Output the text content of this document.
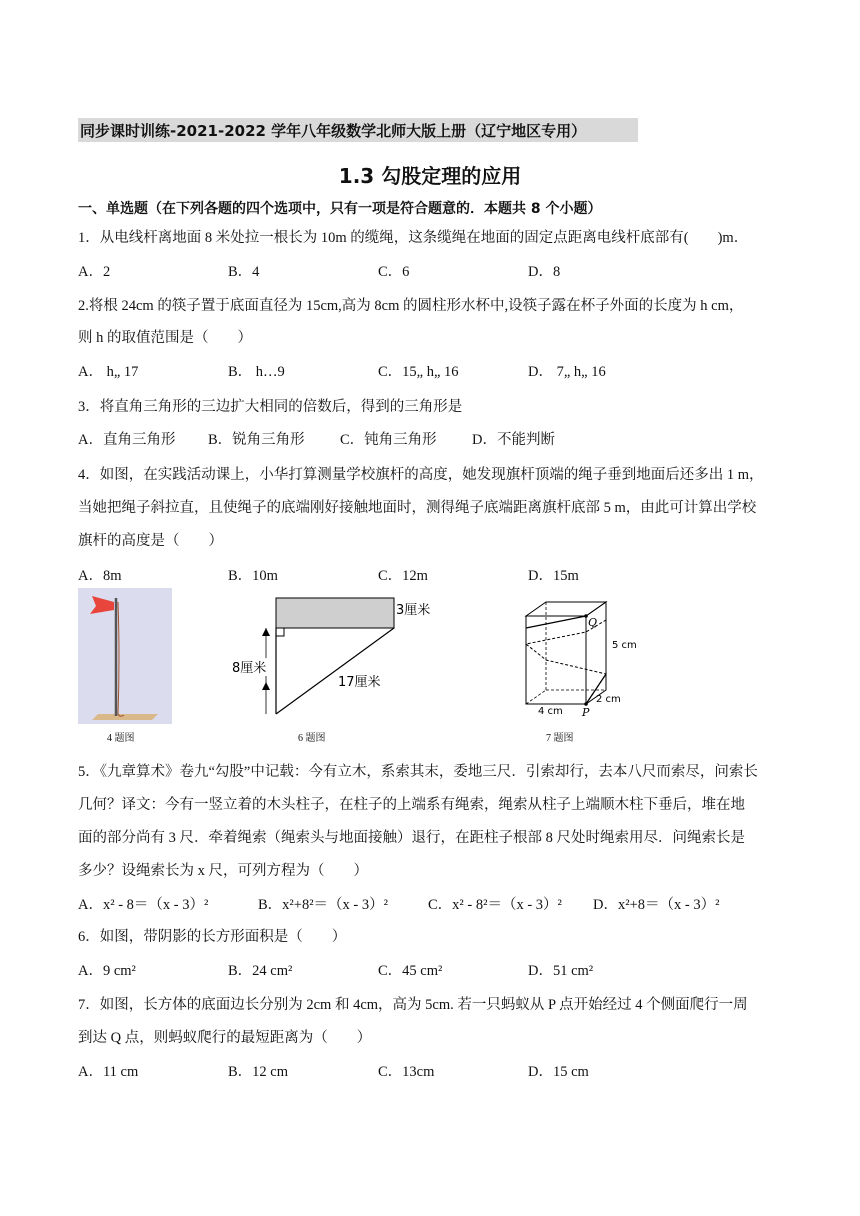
同步课时训练-2021-2022 学年八年级数学北师大版上册（辽宁地区专用）
1.3 勾股定理的应用
一、单选题（在下列各题的四个选项中，只有一项是符合题意的．本题共 8 个小题）
1．从电线杆离地面 8 米处拉一根长为 10m 的缆绳，这条缆绳在地面的固定点距离电线杆底部有(　　)m．
A．2	B．4	C．6	D．8
2.将根 24cm 的筷子置于底面直径为 15cm,高为 8cm 的圆柱形水杯中,设筷子露在杯子外面的长度为 h cm，
则 h 的取值范围是（　　）
A． h„ 17	B． h…9	C．15„ h„ 16	D． 7„ h„ 16
3．将直角三角形的三边扩大相同的倍数后，得到的三角形是
A．直角三角形 B．锐角三角形 C．钝角三角形 D．不能判断
4．如图，在实践活动课上，小华打算测量学校旗杆的高度，她发现旗杆顶端的绳子垂到地面后还多出 1 m，
当她把绳子斜拉直，且使绳子的底端刚好接触地面时，测得绳子底端距离旗杆底部 5 m，由此可计算出学校
旗杆的高度是（　　）
A．8m	B．10m	C．12m	D．15m
4 题图
3厘米
8厘米
17厘米
6 题图
Q
P
5 cm
4 cm
2 cm
7 题图
5．《九章算术》卷九“勾股”中记载：今有立木，系索其末，委地三尺．引索却行，去本八尺而索尽，问索长
几何？译文：今有一竖立着的木头柱子，在柱子的上端系有绳索，绳索从柱子上端顺木柱下垂后，堆在地
面的部分尚有 3 尺．牵着绳索（绳索头与地面接触）退行，在距柱子根部 8 尺处时绳索用尽．问绳索长是
多少？设绳索长为 x 尺，可列方程为（　　）
A．x² - 8＝（x - 3）²	B．x²+8²＝（x - 3）²	C．x² - 8²＝（x - 3）² D．x²+8＝（x - 3）²
6．如图，带阴影的长方形面积是（　　）
A．9 cm²	B．24 cm²	C．45 cm²	D．51 cm²
7．如图，长方体的底面边长分别为 2cm 和 4cm，高为 5cm. 若一只蚂蚁从 P 点开始经过 4 个侧面爬行一周
到达 Q 点，则蚂蚁爬行的最短距离为（　　）
A．11 cm	B．12 cm	C．13cm	D．15 cm
